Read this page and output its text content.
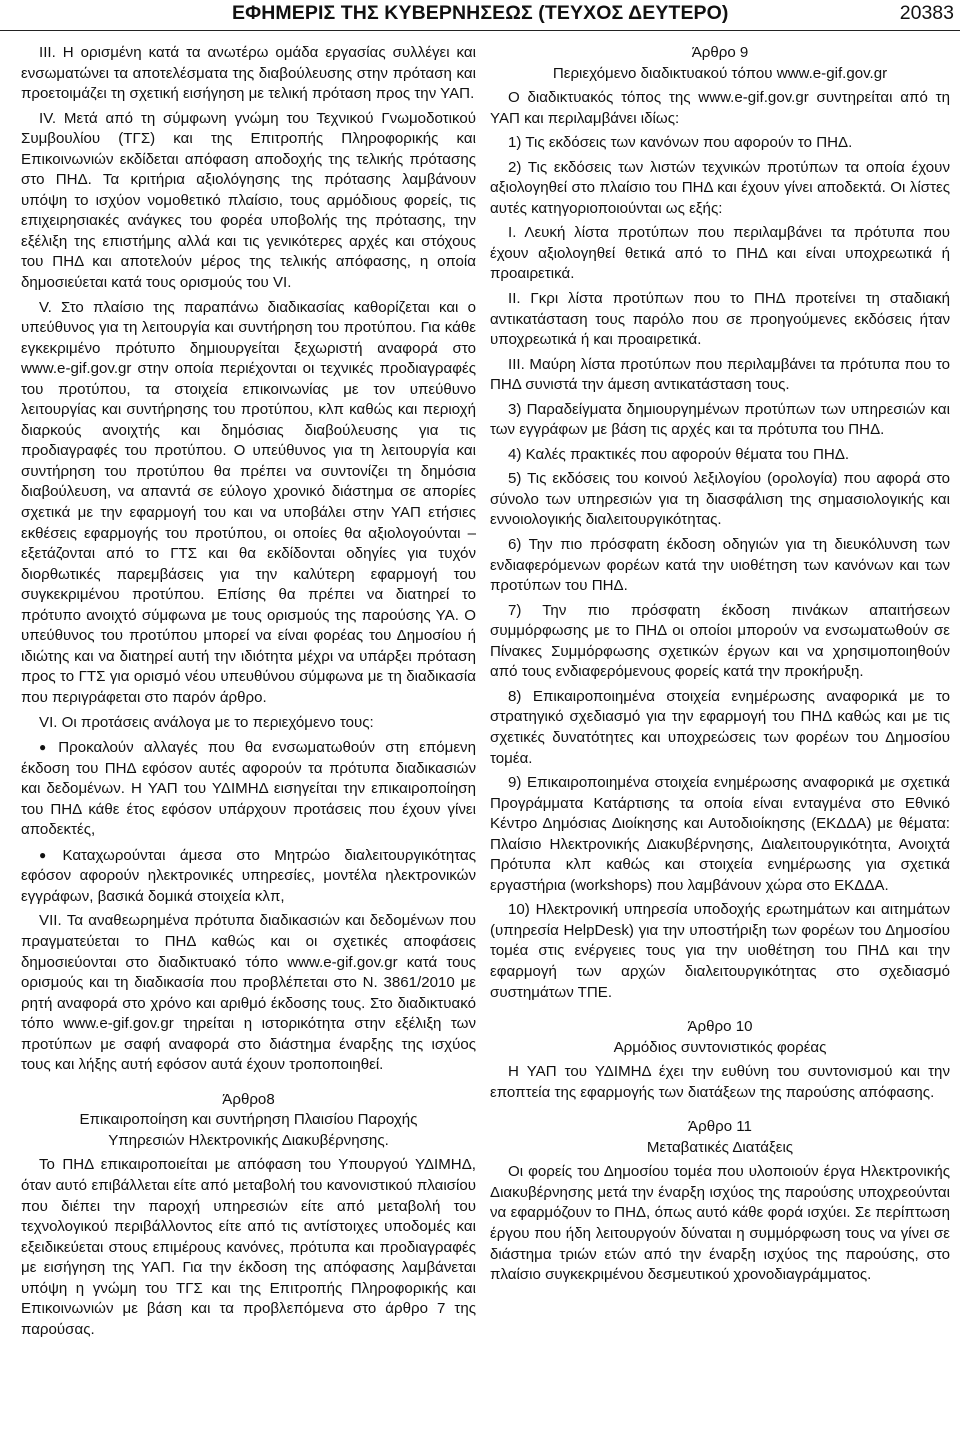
ΕΦΗΜΕΡΙΣ ΤΗΣ ΚΥΒΕΡΝΗΣΕΩΣ (ΤΕΥΧΟΣ ΔΕΥΤΕΡΟ)	20383

ΙΙΙ. Η ορισμένη κατά τα ανωτέρω ομάδα εργασίας συλλέγει και ενσωματώνει τα αποτελέσματα της διαβούλευσης στην πρόταση και προετοιμάζει τη σχετική εισήγηση με τελική πρόταση προς την ΥΑΠ.

IV. Μετά από τη σύμφωνη γνώμη του Τεχνικού Γνωμοδοτικού Συμβουλίου (ΤΓΣ) και της Επιτροπής Πληροφορικής και Επικοινωνιών εκδίδεται απόφαση αποδοχής της τελικής πρότασης στο ΠΗΔ. Τα κριτήρια αξιολόγησης της πρότασης λαμβάνουν υπόψη το ισχύον νομοθετικό πλαίσιο, τους αρμόδιους φορείς, τις επιχειρησιακές ανάγκες του φορέα υποβολής της πρότασης, την εξέλιξη της επιστήμης αλλά και τις γενικότερες αρχές και στόχους του ΠΗΔ και αποτελούν μέρος της τελικής απόφασης, η οποία δημοσιεύεται κατά τους ορισμούς του VI.

V. Στο πλαίσιο της παραπάνω διαδικασίας καθορίζεται και ο υπεύθυνος για τη λειτουργία και συντήρηση του προτύπου. Για κάθε εγκεκριμένο πρότυπο δημιουργείται ξεχωριστή αναφορά στο www.e-gif.gov.gr στην οποία περιέχονται οι τεχνικές προδιαγραφές του προτύπου, τα στοιχεία επικοινωνίας με τον υπεύθυνο λειτουργίας και συντήρησης του προτύπου, κλπ καθώς και περιοχή διαρκούς ανοιχτής και δημόσιας διαβούλευσης για τις προδιαγραφές του προτύπου. Ο υπεύθυνος για τη λειτουργία και συντήρηση του προτύπου θα πρέπει να συντονίζει τη δημόσια διαβούλευση, να απαντά σε εύλογο χρονικό διάστημα σε απορίες σχετικά με την εφαρμογή του και να υποβάλει στην ΥΑΠ ετήσιες εκθέσεις εφαρμογής του προτύπου, οι οποίες θα αξιολογούνται – εξετάζονται από το ΓΤΣ και θα εκδίδονται οδηγίες για τυχόν διορθωτικές παρεμβάσεις για την καλύτερη εφαρμογή του συγκεκριμένου προτύπου. Επίσης θα πρέπει να διατηρεί το πρότυπο ανοιχτό σύμφωνα με τους ορισμούς της παρούσης ΥΑ. Ο υπεύθυνος του προτύπου μπορεί να είναι φορέας του Δημοσίου ή ιδιώτης και να διατηρεί αυτή την ιδιότητα μέχρι να υπάρξει πρόταση προς το ΓΤΣ για ορισμό νέου υπευθύνου σύμφωνα με τη διαδικασία που περιγράφεται στο παρόν άρθρο.

VI. Οι προτάσεις ανάλογα με το περιεχόμενο τους:

● Προκαλούν αλλαγές που θα ενσωματωθούν στη επόμενη έκδοση του ΠΗΔ εφόσον αυτές αφορούν τα πρότυπα διαδικασιών και δεδομένων. Η ΥΑΠ του ΥΔΙΜΗΔ εισηγείται την επικαιροποίηση του ΠΗΔ κάθε έτος εφόσον υπάρχουν προτάσεις που έχουν γίνει αποδεκτές,

● Καταχωρούνται άμεσα στο Μητρώο διαλειτουργικότητας εφόσον αφορούν ηλεκτρονικές υπηρεσίες, μοντέλα ηλεκτρονικών εγγράφων, βασικά δομικά στοιχεία κλπ,

VII. Τα αναθεωρημένα πρότυπα διαδικασιών και δεδομένων που πραγματεύεται το ΠΗΔ καθώς και οι σχετικές αποφάσεις δημοσιεύονται στο διαδικτυακό τόπο www.e-gif.gov.gr κατά τους ορισμούς και τη διαδικασία που προβλέπεται στο Ν. 3861/2010 με ρητή αναφορά στο χρόνο και αριθμό έκδοσης τους. Στο διαδικτυακό τόπο www.e-gif.gov.gr τηρείται η ιστορικότητα στην εξέλιξη των προτύπων με σαφή αναφορά στο διάστημα έναρξης της ισχύος τους και λήξης αυτή εφόσον αυτά έχουν τροποποιηθεί.

Άρθρο8

Επικαιροποίηση και συντήρηση Πλαισίου Παροχής

Υπηρεσιών Ηλεκτρονικής Διακυβέρνησης.

Το ΠΗΔ επικαιροποιείται με απόφαση του Υπουργού ΥΔΙΜΗΔ, όταν αυτό επιβάλλεται είτε από μεταβολή του κανονιστικού πλαισίου που διέπει την παροχή υπηρεσιών είτε από μεταβολή του τεχνολογικού περιβάλλοντος είτε από τις αντίστοιχες υποδομές και εξειδικεύεται στους επιμέρους κανόνες, πρότυπα και προδιαγραφές με εισήγηση της ΥΑΠ. Για την έκδοση της απόφασης λαμβάνεται υπόψη η γνώμη του ΤΓΣ και της Επιτροπής Πληροφορικής και Επικοινωνιών με βάση και τα προβλεπόμενα στο άρθρο 7 της παρούσας.

Άρθρο 9

Περιεχόμενο διαδικτυακού τόπου www.e-gif.gov.gr

Ο διαδικτυακός τόπος της www.e-gif.gov.gr συντηρείται από τη ΥΑΠ και περιλαμβάνει ιδίως:

1) Τις εκδόσεις των κανόνων που αφορούν το ΠΗΔ.

2) Τις εκδόσεις των λιστών τεχνικών προτύπων τα οποία έχουν αξιολογηθεί στο πλαίσιο του ΠΗΔ και έχουν γίνει αποδεκτά. Οι λίστες αυτές κατηγοριοποιούνται ως εξής:

Ι. Λευκή λίστα προτύπων που περιλαμβάνει τα πρότυπα που έχουν αξιολογηθεί θετικά από το ΠΗΔ και είναι υποχρεωτικά ή προαιρετικά.

ΙΙ. Γκρι λίστα προτύπων που το ΠΗΔ προτείνει τη σταδιακή αντικατάσταση τους παρόλο που σε προηγούμενες εκδόσεις ήταν υποχρεωτικά ή και προαιρετικά.

ΙΙΙ. Μαύρη λίστα προτύπων που περιλαμβάνει τα πρότυπα που το ΠΗΔ συνιστά την άμεση αντικατάσταση τους.

3) Παραδείγματα δημιουργημένων προτύπων των υπηρεσιών και των εγγράφων με βάση τις αρχές και τα πρότυπα του ΠΗΔ.

4) Καλές πρακτικές που αφορούν θέματα του ΠΗΔ.

5) Τις εκδόσεις του κοινού λεξιλογίου (ορολογία) που αφορά στο σύνολο των υπηρεσιών για τη διασφάλιση της σημασιολογικής και εννοιολογικής διαλειτουργικότητας.

6) Την πιο πρόσφατη έκδοση οδηγιών για τη διευκόλυνση των ενδιαφερόμενων φορέων κατά την υιοθέτηση των κανόνων και των προτύπων του ΠΗΔ.

7) Την πιο πρόσφατη έκδοση πινάκων απαιτήσεων συμμόρφωσης με το ΠΗΔ οι οποίοι μπορούν να ενσωματωθούν σε Πίνακες Συμμόρφωσης σχετικών έργων και να χρησιμοποιηθούν από τους ενδιαφερόμενους φορείς κατά την προκήρυξη.

8) Επικαιροποιημένα στοιχεία ενημέρωσης αναφορικά με το στρατηγικό σχεδιασμό για την εφαρμογή του ΠΗΔ καθώς και με τις σχετικές δυνατότητες και υποχρεώσεις των φορέων του Δημοσίου τομέα.

9) Επικαιροποιημένα στοιχεία ενημέρωσης αναφορικά με σχετικά Προγράμματα Κατάρτισης τα οποία είναι ενταγμένα στο Εθνικό Κέντρο Δημόσιας Διοίκησης και Αυτοδιοίκησης (ΕΚΔΔΑ) με θέματα: Πλαίσιο Ηλεκτρονικής Διακυβέρνησης, Διαλειτουργικότητα, Ανοιχτά Πρότυπα κλπ καθώς και στοιχεία ενημέρωσης για σχετικά εργαστήρια (workshops) που λαμβάνουν χώρα στο ΕΚΔΔΑ.

10) Ηλεκτρονική υπηρεσία υποδοχής ερωτημάτων και αιτημάτων (υπηρεσία HelpDesk) για την υποστήριξη των φορέων του Δημοσίου τομέα στις ενέργειες τους για την υιοθέτηση του ΠΗΔ και την εφαρμογή των αρχών διαλειτουργικότητας στο σχεδιασμό συστημάτων ΤΠΕ.

Άρθρο 10

Αρμόδιος συντονιστικός φορέας

Η ΥΑΠ του ΥΔΙΜΗΔ έχει την ευθύνη του συντονισμού και την εποπτεία της εφαρμογής των διατάξεων της παρούσης απόφασης.

Άρθρο 11

Μεταβατικές Διατάξεις

Οι φορείς του Δημοσίου τομέα που υλοποιούν έργα Ηλεκτρονικής Διακυβέρνησης μετά την έναρξη ισχύος της παρούσης υποχρεούνται να εφαρμόζουν το ΠΗΔ, όπως αυτό κάθε φορά ισχύει. Σε περίπτωση έργου που ήδη λειτουργούν δύναται η συμμόρφωση τους να γίνει σε διάστημα τριών ετών από την έναρξη ισχύος της παρούσης, στο πλαίσιο συγκεκριμένου δεσμευτικού χρονοδιαγράμματος.
